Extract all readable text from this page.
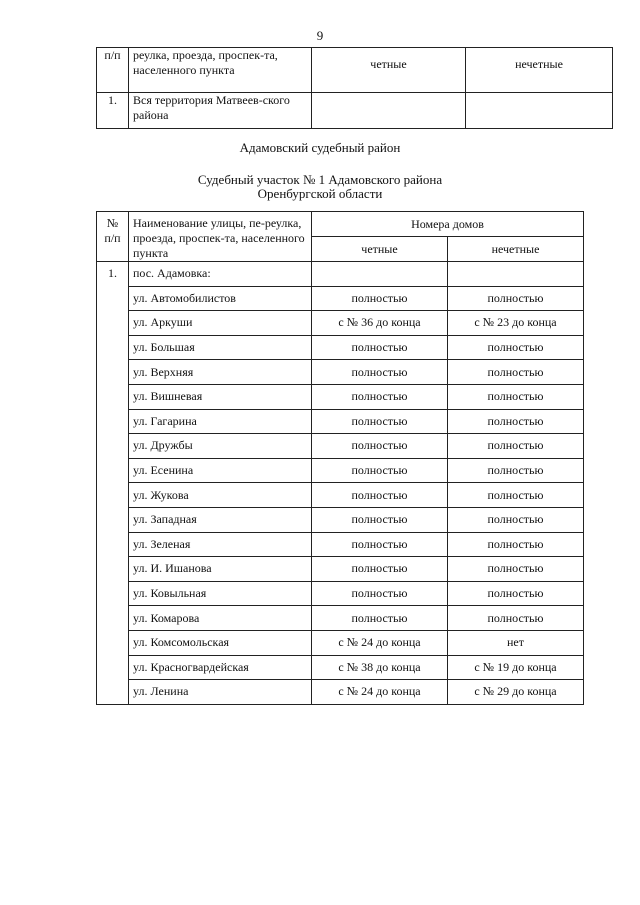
9
п/п	реулка, проезда, проспек-та, населенного пункта	четные	нечетные
1.	Вся территория Матвеев-ского района		
Адамовский судебный район
Судебный участок № 1 Адамовского района
Оренбургской области
№ п/п	Наименование улицы, пе-реулка, проезда, проспек-та, населенного пункта	Номера домов	
		четные	нечетные
1.	пос. Адамовка:		
	ул. Автомобилистов	полностью	полностью
	ул. Аркуши	с № 36 до конца	с № 23 до конца
	ул. Большая	полностью	полностью
	ул. Верхняя	полностью	полностью
	ул. Вишневая	полностью	полностью
	ул. Гагарина	полностью	полностью
	ул. Дружбы	полностью	полностью
	ул. Есенина	полностью	полностью
	ул. Жукова	полностью	полностью
	ул. Западная	полностью	полностью
	ул. Зеленая	полностью	полностью
	ул. И. Ишанова	полностью	полностью
	ул. Ковыльная	полностью	полностью
	ул. Комарова	полностью	полностью
	ул. Комсомольская	с № 24 до конца	нет
	ул. Красногвардейская	с № 38 до конца	с № 19 до конца
	ул. Ленина	с № 24 до конца	с № 29 до конца
